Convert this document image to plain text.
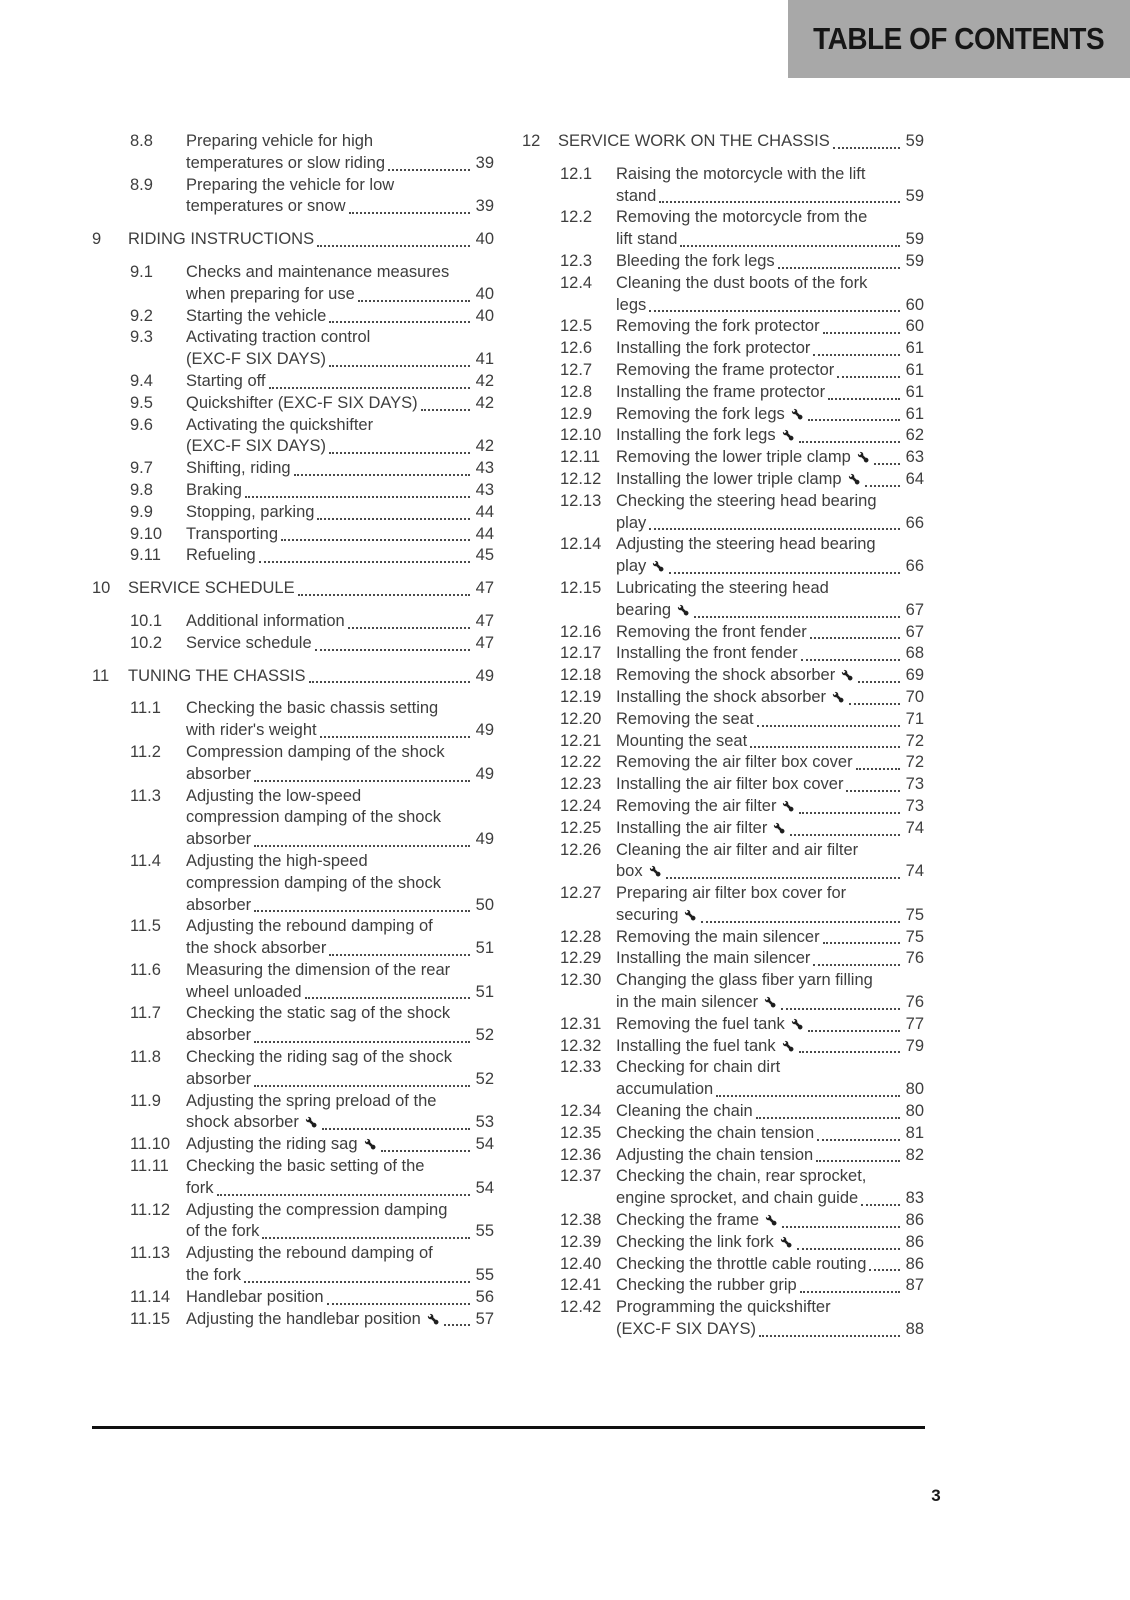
TABLE OF CONTENTS
8.8	Preparing vehicle for high
temperatures or slow riding	39
8.9	Preparing the vehicle for low
temperatures or snow	39
9	RIDING INSTRUCTIONS	40
9.1	Checks and maintenance measures
when preparing for use	40
9.2	Starting the vehicle	40
9.3	Activating traction control
(EXC-F SIX DAYS)	41
9.4	Starting off	42
9.5	Quickshifter (EXC-F SIX DAYS)	42
9.6	Activating the quickshifter
(EXC-F SIX DAYS)	42
9.7	Shifting, riding	43
9.8	Braking	43
9.9	Stopping, parking	44
9.10	Transporting	44
9.11	Refueling	45
10	SERVICE SCHEDULE	47
10.1	Additional information	47
10.2	Service schedule	47
11	TUNING THE CHASSIS	49
11.1	Checking the basic chassis setting
with rider's weight	49
11.2	Compression damping of the shock
absorber	49
11.3	Adjusting the low-speed
compression damping of the shock
absorber	49
11.4	Adjusting the high-speed
compression damping of the shock
absorber	50
11.5	Adjusting the rebound damping of
the shock absorber	51
11.6	Measuring the dimension of the rear
wheel unloaded	51
11.7	Checking the static sag of the shock
absorber	52
11.8	Checking the riding sag of the shock
absorber	52
11.9	Adjusting the spring preload of the
shock absorber	53
11.10 Adjusting the riding sag	54
11.11	Checking the basic setting of the
fork	54
11.12 Adjusting the compression damping
of the fork	55
11.13 Adjusting the rebound damping of
the fork	55
11.14 Handlebar position	56
11.15 Adjusting the handlebar position	57
12	SERVICE WORK ON THE CHASSIS	59
12.1	Raising the motorcycle with the lift
stand	59
12.2	Removing the motorcycle from the
lift stand	59
12.3	Bleeding the fork legs	59
12.4	Cleaning the dust boots of the fork
legs	60
12.5	Removing the fork protector	60
12.6	Installing the fork protector	61
12.7	Removing the frame protector	61
12.8	Installing the frame protector	61
12.9	Removing the fork legs	61
12.10 Installing the fork legs	62
12.11 Removing the lower triple clamp	63
12.12 Installing the lower triple clamp	64
12.13 Checking the steering head bearing
play	66
12.14 Adjusting the steering head bearing
play	66
12.15 Lubricating the steering head
bearing	67
12.16 Removing the front fender	67
12.17 Installing the front fender	68
12.18 Removing the shock absorber	69
12.19 Installing the shock absorber	70
12.20 Removing the seat	71
12.21 Mounting the seat	72
12.22 Removing the air filter box cover	72
12.23 Installing the air filter box cover	73
12.24 Removing the air filter	73
12.25 Installing the air filter	74
12.26 Cleaning the air filter and air filter
box	74
12.27 Preparing air filter box cover for
securing	75
12.28 Removing the main silencer	75
12.29 Installing the main silencer	76
12.30 Changing the glass fiber yarn filling
in the main silencer	76
12.31 Removing the fuel tank	77
12.32 Installing the fuel tank	79
12.33 Checking for chain dirt
accumulation	80
12.34 Cleaning the chain	80
12.35 Checking the chain tension	81
12.36 Adjusting the chain tension	82
12.37 Checking the chain, rear sprocket,
engine sprocket, and chain guide	83
12.38 Checking the frame	86
12.39 Checking the link fork	86
12.40 Checking the throttle cable routing 86
12.41 Checking the rubber grip	87
12.42 Programming the quickshifter
(EXC-F SIX DAYS)	88
3
